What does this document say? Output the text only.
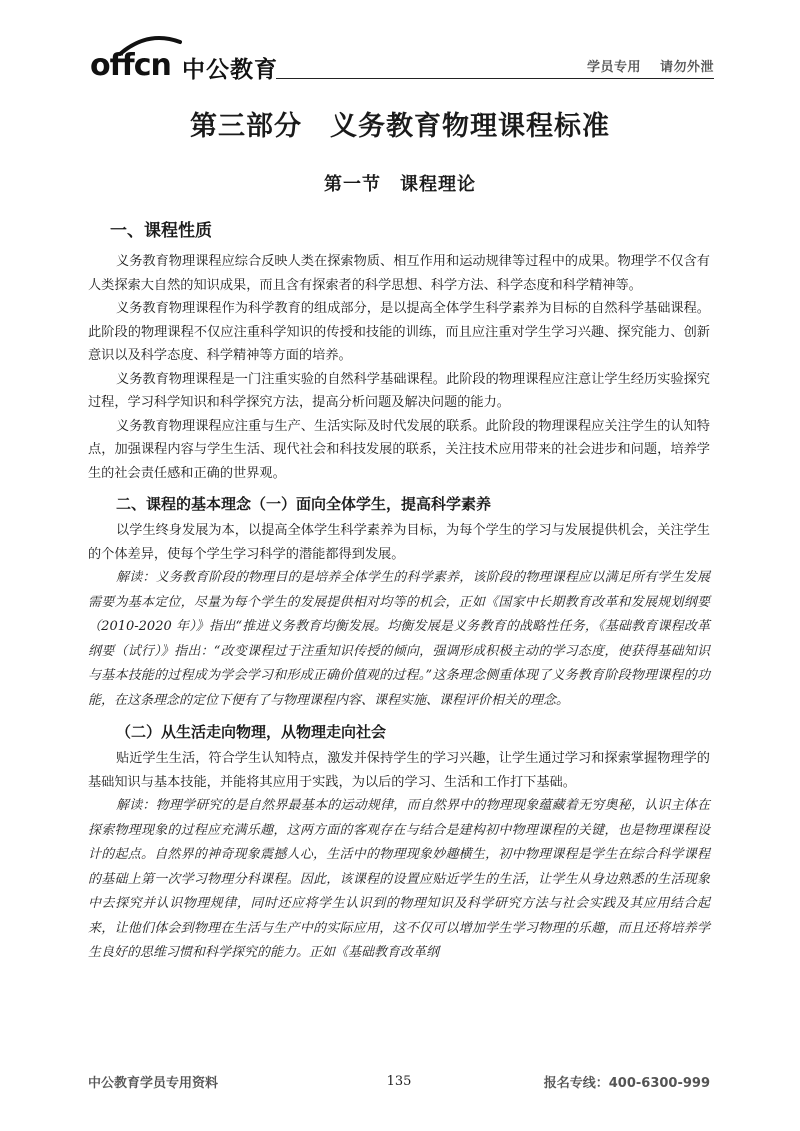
offcn 中公教育	学员专用 请勿外泄
第三部分　义务教育物理课程标准
第一节　课程理论

一、课程性质

义务教育物理课程应综合反映人类在探索物质、相互作用和运动规律等过程中的成果。物理学不仅含有人类探索大自然的知识成果，而且含有探索者的科学思想、科学方法、科学态度和科学精神等。

义务教育物理课程作为科学教育的组成部分，是以提高全体学生科学素养为目标的自然科学基础课程。此阶段的物理课程不仅应注重科学知识的传授和技能的训练，而且应注重对学生学习兴趣、探究能力、创新意识以及科学态度、科学精神等方面的培养。

义务教育物理课程是一门注重实验的自然科学基础课程。此阶段的物理课程应注意让学生经历实验探究过程，学习科学知识和科学探究方法，提高分析问题及解决问题的能力。

义务教育物理课程应注重与生产、生活实际及时代发展的联系。此阶段的物理课程应关注学生的认知特点，加强课程内容与学生生活、现代社会和科技发展的联系，关注技术应用带来的社会进步和问题，培养学生的社会责任感和正确的世界观。

二、课程的基本理念（一）面向全体学生，提高科学素养

以学生终身发展为本，以提高全体学生科学素养为目标，为每个学生的学习与发展提供机会，关注学生的个体差异，使每个学生学习科学的潜能都得到发展。

解读：义务教育阶段的物理目的是培养全体学生的科学素养，该阶段的物理课程应以满足所有学生发展需要为基本定位，尽量为每个学生的发展提供相对均等的机会，正如《国家中长期教育改革和发展规划纲要（2010-2020 年）》指出“推进义务教育均衡发展。均衡发展是义务教育的战略性任务，《基础教育课程改革纲要（试行）》指出：“改变课程过于注重知识传授的倾向，强调形成积极主动的学习态度，使获得基础知识与基本技能的过程成为学会学习和形成正确价值观的过程。”这条理念侧重体现了义务教育阶段物理课程的功能，在这条理念的定位下便有了与物理课程内容、课程实施、课程评价相关的理念。

（二）从生活走向物理，从物理走向社会

贴近学生生活，符合学生认知特点，激发并保持学生的学习兴趣，让学生通过学习和探索掌握物理学的基础知识与基本技能，并能将其应用于实践，为以后的学习、生活和工作打下基础。

解读：物理学研究的是自然界最基本的运动规律，而自然界中的物理现象蕴藏着无穷奥秘，认识主体在探索物理现象的过程应充满乐趣，这两方面的客观存在与结合是建构初中物理课程的关键，也是物理课程设计的起点。自然界的神奇现象震撼人心，生活中的物理现象妙趣横生，初中物理课程是学生在综合科学课程的基础上第一次学习物理分科课程。因此，该课程的设置应贴近学生的生活，让学生从身边熟悉的生活现象中去探究并认识物理规律，同时还应将学生认识到的物理知识及科学研究方法与社会实践及其应用结合起来，让他们体会到物理在生活与生产中的实际应用，这不仅可以增加学生学习物理的乐趣，而且还将培养学生良好的思维习惯和科学探究的能力。正如《基础教育改革纲

中公教育学员专用资料	135	报名专线：400-6300-999
